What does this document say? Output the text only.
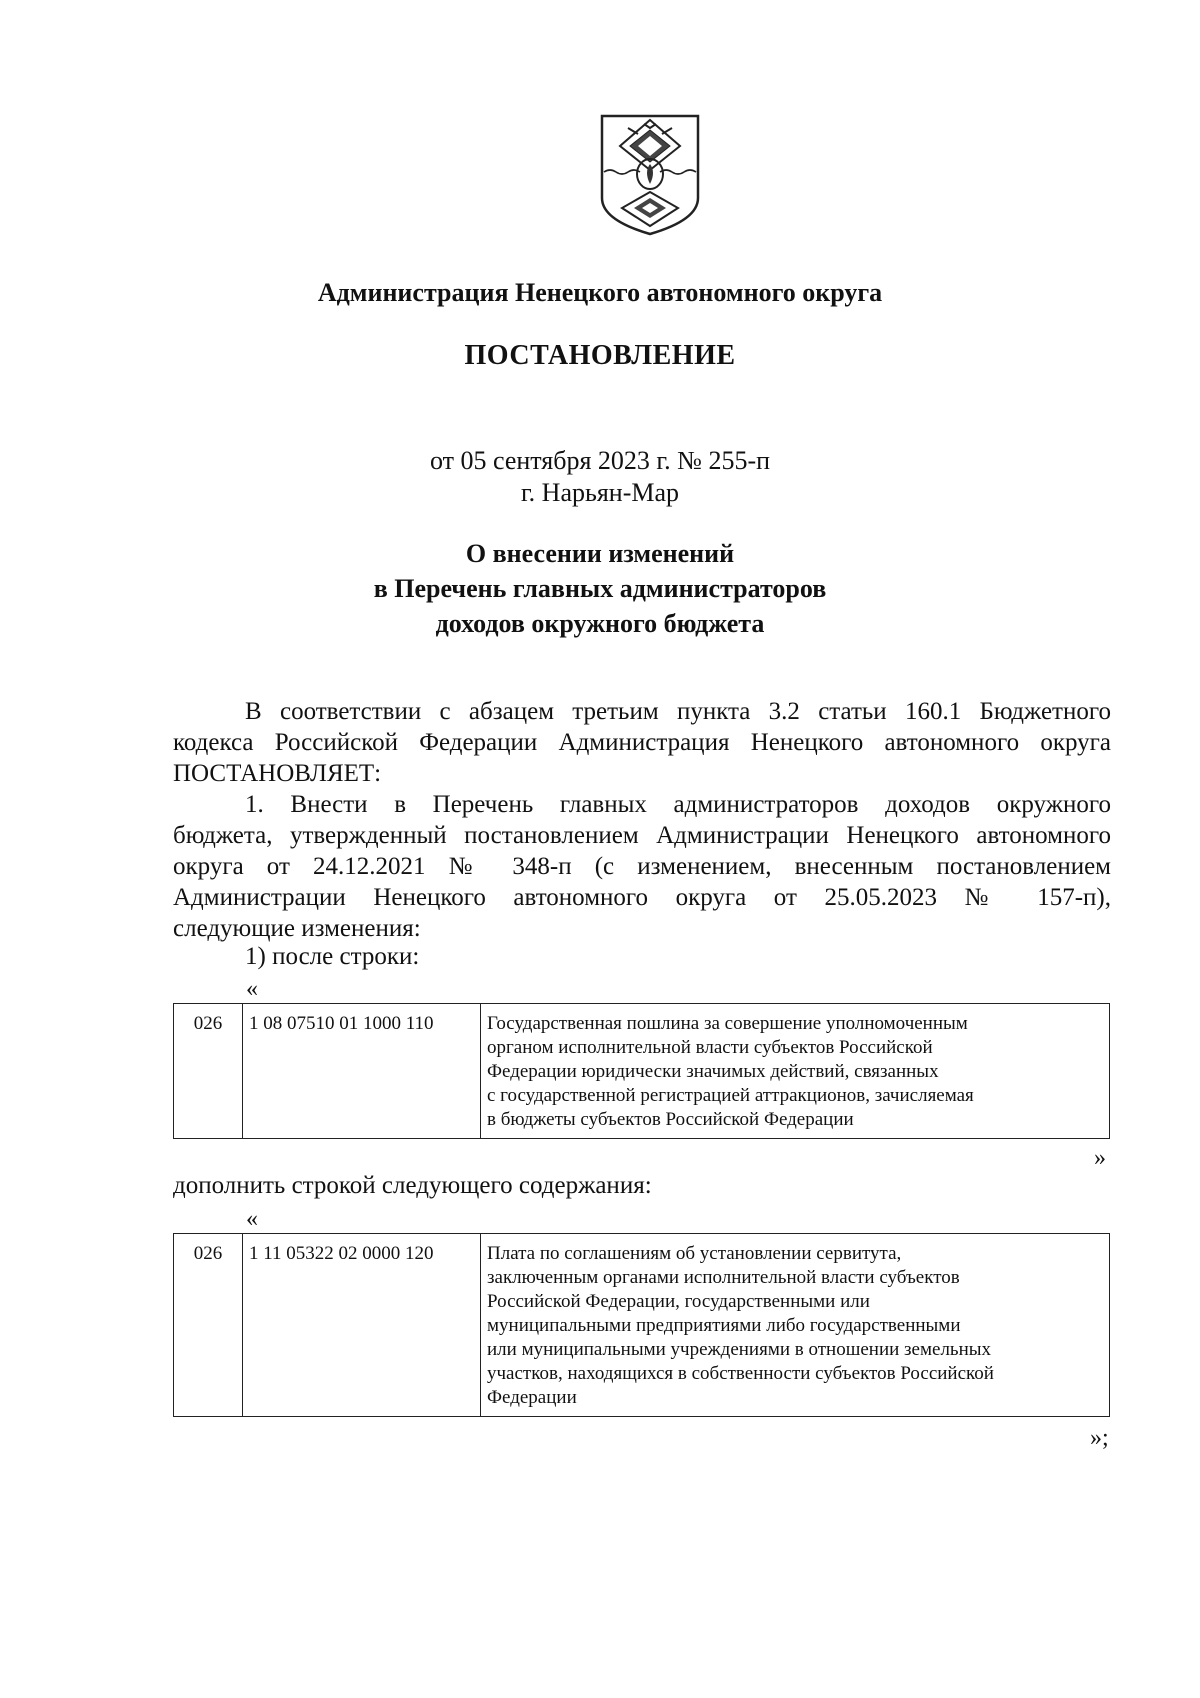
Администрация Ненецкого автономного округа
ПОСТАНОВЛЕНИЕ
от 05 сентября 2023 г. № 255-п
г. Нарьян-Мар
О внесении изменений
в Перечень главных администраторов
доходов окружного бюджета

В соответствии с абзацем третьим пункта 3.2 статьи 160.1 Бюджетного

кодекса Российской Федерации Администрация Ненецкого автономного округа

ПОСТАНОВЛЯЕТ:

1. Внести в Перечень главных администраторов доходов окружного

бюджета, утвержденный постановлением Администрации Ненецкого автономного

округа от 24.12.2021 № 348-п (с изменением, внесенным постановлением

Администрации Ненецкого автономного округа от 25.05.2023 № 157-п),

следующие изменения:

1) после строки:
«
026	1 08 07510 01 1000 110	Государственная пошлина за совершение уполномоченным
органом исполнительной власти субъектов Российской
Федерации юридически значимых действий, связанных
с государственной регистрацией аттракционов, зачисляемая
в бюджеты субъектов Российской Федерации
»
дополнить строкой следующего содержания:
«
026	1 11 05322 02 0000 120	Плата по соглашениям об установлении сервитута,
заключенным органами исполнительной власти субъектов
Российской Федерации, государственными или
муниципальными предприятиями либо государственными
или муниципальными учреждениями в отношении земельных
участков, находящихся в собственности субъектов Российской
Федерации
»;
